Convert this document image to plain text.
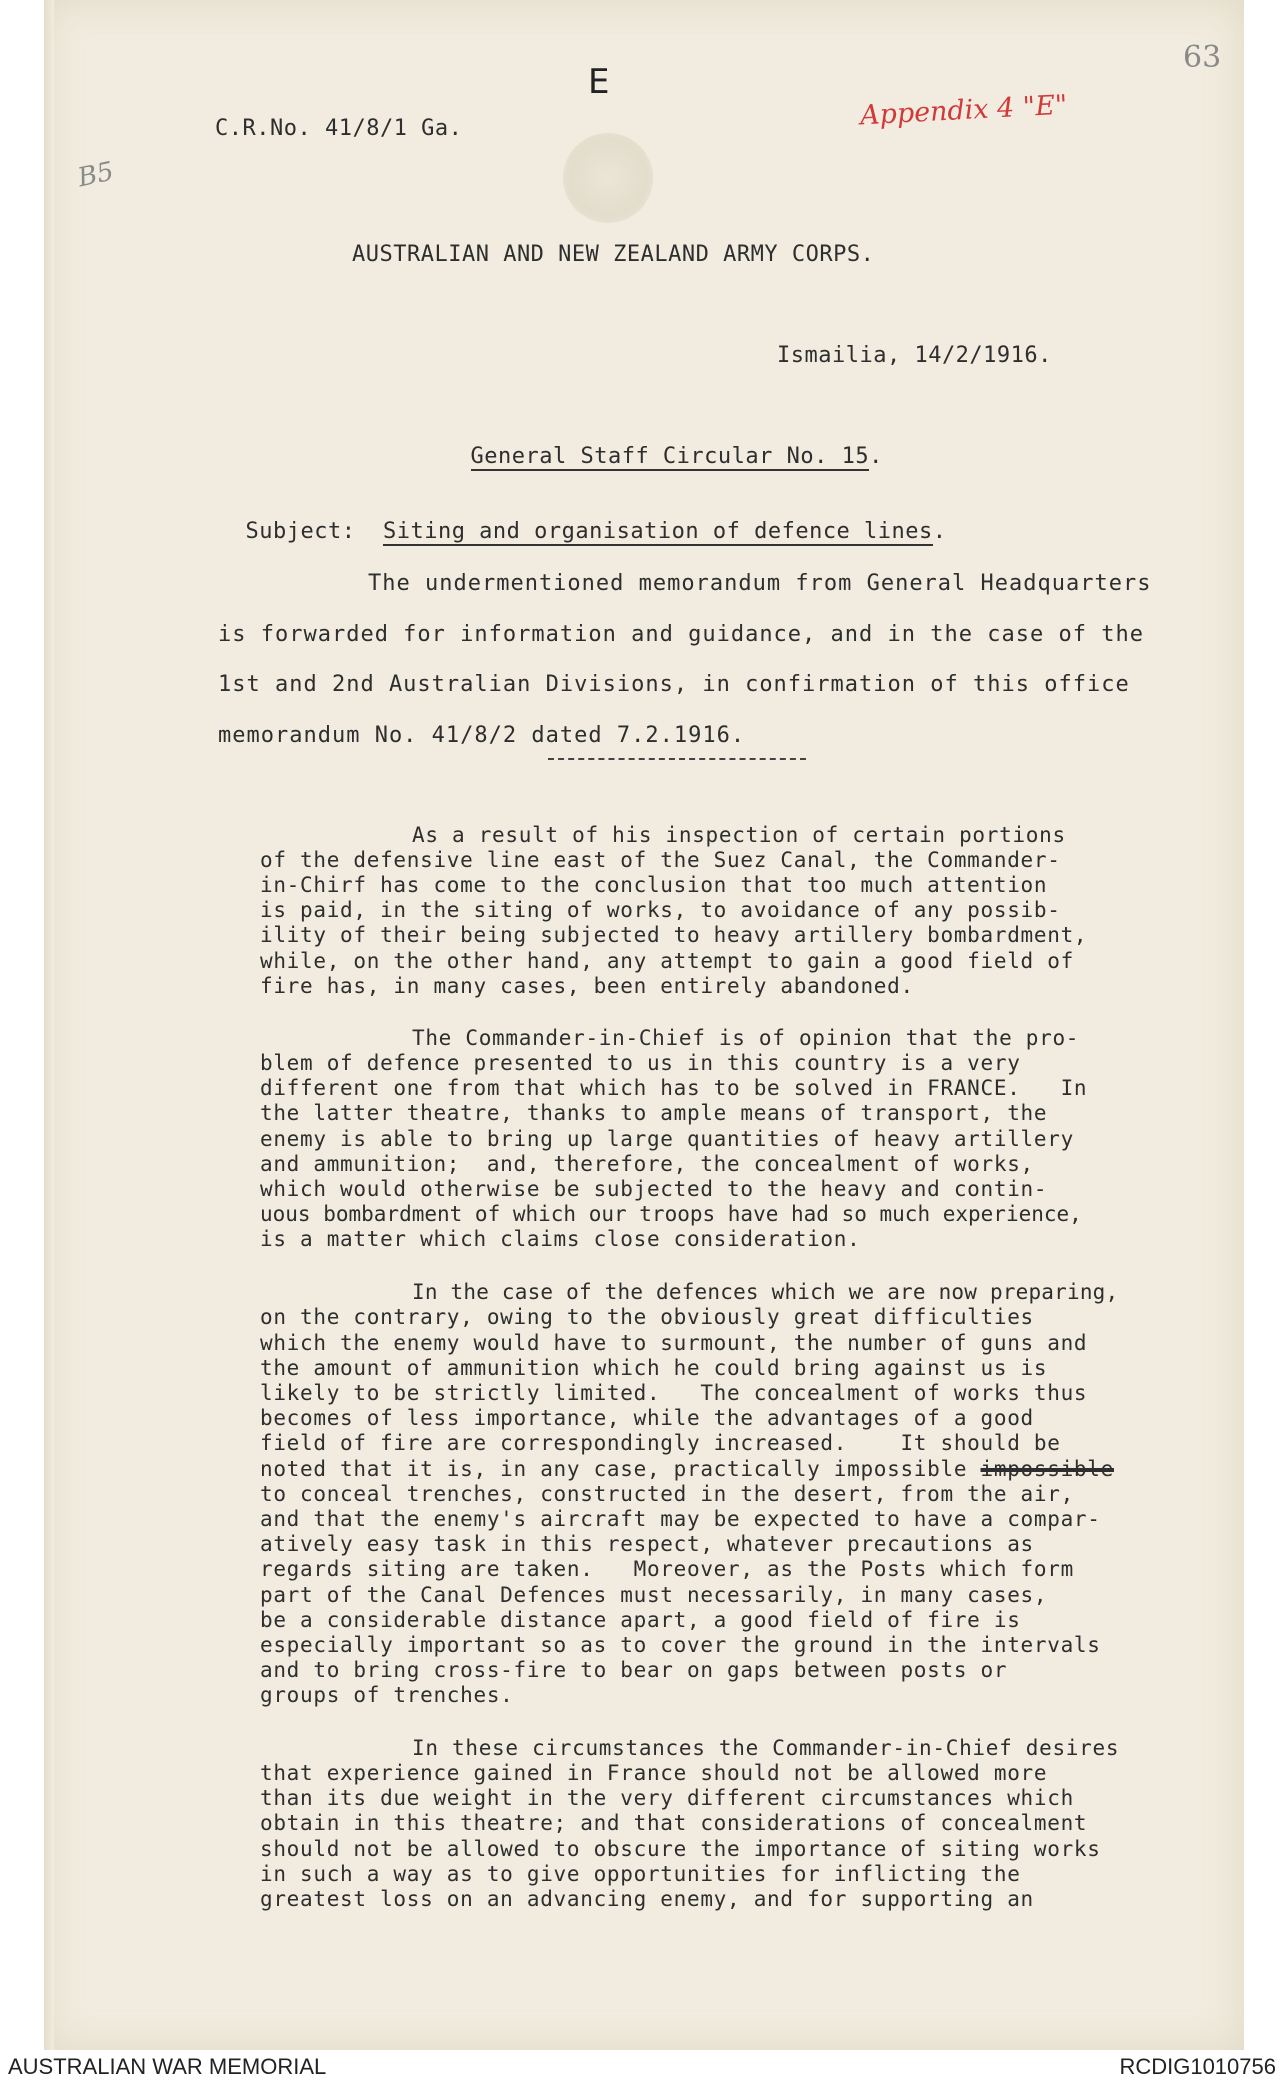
63
E
Appendix 4 "E"
B5
C.R.No. 41/8/1 Ga.
AUSTRALIAN AND NEW ZEALAND ARMY CORPS.
Ismailia, 14/2/1916.

General Staff Circular No. 15.

Subject: Siting and organisation of defence lines.

The undermentioned memorandum from General Headquarters
is forwarded for information and guidance, and in the case of the
1st and 2nd Australian Divisions, in confirmation of this office
memorandum No. 41/8/2 dated 7.2.1916.
As a result of his inspection of certain portions
of the defensive line east of the Suez Canal, the Commander-
in-Chirf has come to the conclusion that too much attention
is paid, in the siting of works, to avoidance of any possib-
ility of their being subjected to heavy artillery bombardment,
while, on the other hand, any attempt to gain a good field of
fire has, in many cases, been entirely abandoned.
The Commander-in-Chief is of opinion that the pro-
blem of defence presented to us in this country is a very
different one from that which has to be solved in FRANCE.   In
the latter theatre, thanks to ample means of transport, the
enemy is able to bring up large quantities of heavy artillery
and ammunition;  and, therefore, the concealment of works,
which would otherwise be subjected to the heavy and contin-
uous bombardment of which our troops have had so much experience,
is a matter which claims close consideration.
In the case of the defences which we are now preparing,
on the contrary, owing to the obviously great difficulties
which the enemy would have to surmount, the number of guns and
the amount of ammunition which he could bring against us is
likely to be strictly limited.   The concealment of works thus
becomes of less importance, while the advantages of a good
field of fire are correspondingly increased.    It should be
noted that it is, in any case, practically impossible impossible
to conceal trenches, constructed in the desert, from the air,
and that the enemy's aircraft may be expected to have a compar-
atively easy task in this respect, whatever precautions as
regards siting are taken.   Moreover, as the Posts which form
part of the Canal Defences must necessarily, in many cases,
be a considerable distance apart, a good field of fire is
especially important so as to cover the ground in the intervals
and to bring cross-fire to bear on gaps between posts or
groups of trenches.
In these circumstances the Commander-in-Chief desires
that experience gained in France should not be allowed more
than its due weight in the very different circumstances which
obtain in this theatre; and that considerations of concealment
should not be allowed to obscure the importance of siting works
in such a way as to give opportunities for inflicting the
greatest loss on an advancing enemy, and for supporting an
AUSTRALIAN WAR MEMORIAL	RCDIG1010756
